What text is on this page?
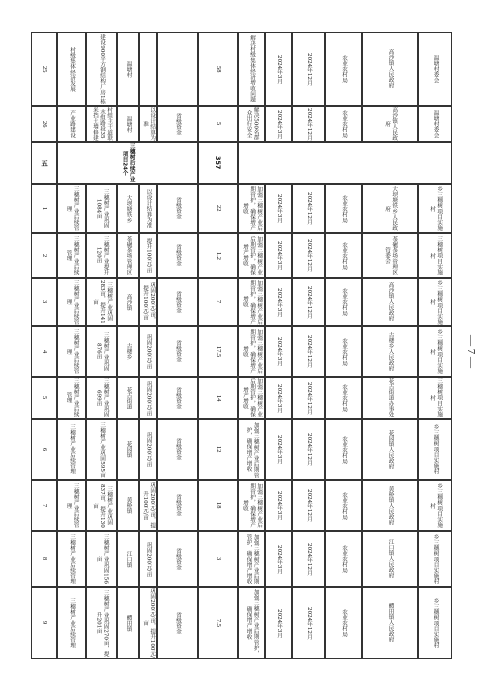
25	村级集体经济发展	建设900平方钢结构厂房1栋	温塘村	58	解决村级集体经济增收问题	2024年3月	2024年12月	农业农村局	高沙镇人民政府	温塘村委会
26	产业路建设	村组主干道联水组路段35米挡土墙修建	温塘村	以设计结算为准	省级资金	5	解决500名群众出行安全	2024年3月	2024年12月	农业农村局	高沙镇人民政府	温塘村委会
五	三穗树后续产业项目24个	357
1	三穗树产业后续管理	三穗树产业巩固1084亩	大坝塘铁乡	以设计结算为准	省级资金	22	加强三穗树产业后期管护，确保增产增收	2024年3月	2024年12月	农业农村局	大坝塘铁乡人民政府	乡三穗树项目实施村
2	三穗树产业后续管理	三穗树产业提升120亩	茶碾茶场管理区	提升100元/亩	省级资金	1.2	加强三穗树产业后期管护，确保增产增收	2024年3月	2024年12月	农业农村局	茶碾茶场管理区管委会	三穗树项目实施村
3	三穗树产业后续管理	三穗树产业巩固283亩，提升141亩	高沙镇	巩固200元/亩，提升100元/亩	省级资金	7	加强三穗树产业后期管护，确保增产增收	2024年3月	2024年12月	农业农村局	高沙镇人民政府	乡三穗树项目实施村
4	三穗树产业后续管理	三穗树产业巩固876亩	古楼乡	巩固200元/亩	省级资金	17.5	加强三穗树产业后期管护，确保增产增收	2024年3月	2024年12月	农业农村局	古楼乡人民政府	乡三穗树项目实施村
5	三穗树产业后续管理	三穗树产业巩固699亩	花古街道	巩固200元/亩	省级资金	14	加强三穗树产业后期管护，确保增产增收	2024年3月	2024年12月	农业农村局	花古街道办事处	三穗树项目实施村
6	三穗树产业后续管理	三穗树产业巩固595亩	花园镇	巩固200元/亩	省级资金	12	加强三穗树产业后期管护，确保增产增收	2024年3月	2024年12月	农业农村局	花园镇人民政府	乡三穗树项目实施村
7	三穗树产业后续管理	三穗树产业巩固837亩，提升130亩	黄桥镇	巩固200元/亩，提升100元/亩	省级资金	18	加强三穗树产业后期管护，确保增产增收	2024年3月	2024年12月	农业农村局	黄桥镇人民政府	乡三穗树项目实施村
8	三穗树产业后续管理	三穗树产业巩固156亩	江口镇	巩固200元/亩	省级资金	3	加强三穗树产业后期管护，确保增产增收	2024年3月	2024年12月	农业农村局	江口镇人民政府	乡三穗树项目实施村
9	三穗树产业后续管理	三穗树产业巩固270亩，提升201亩	醴田镇	巩固200元/亩，提升100元/亩	省级资金	7.5	加强三穗树产业后期管护，确保增产增收	2024年3月	2024年12月	农业农村局	醴田镇人民政府	乡三穗树项目实施村
— 7 —
